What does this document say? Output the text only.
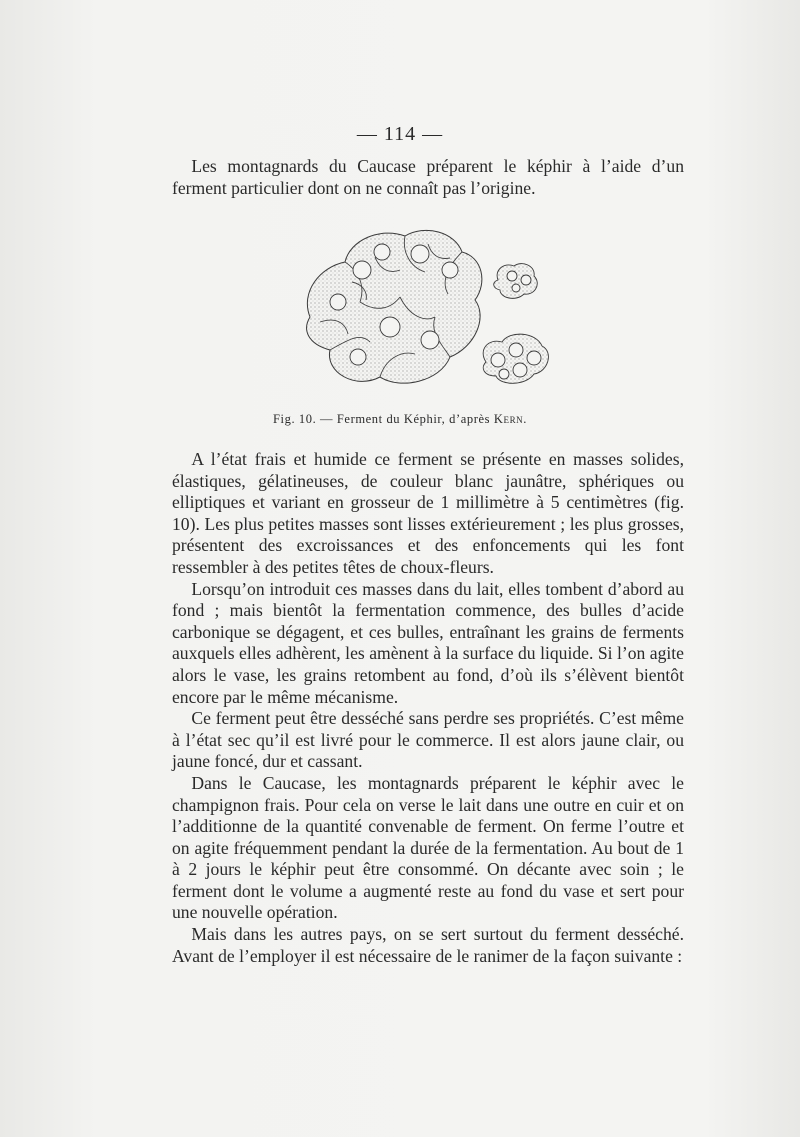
— 114 —

Les montagnards du Caucase préparent le képhir à l’aide d’un ferment particulier dont on ne connaît pas l’origine.

Fig. 10. — Ferment du Képhir, d’après Kern.

A l’état frais et humide ce ferment se présente en masses solides, élastiques, gélatineuses, de couleur blanc jaunâtre, sphériques ou elliptiques et variant en grosseur de 1 millimètre à 5 centimètres (fig. 10). Les plus petites masses sont lisses extérieurement ; les plus grosses, présentent des excroissances et des enfoncements qui les font ressembler à des petites têtes de choux-fleurs.

Lorsqu’on introduit ces masses dans du lait, elles tombent d’abord au fond ; mais bientôt la fermentation commence, des bulles d’acide carbonique se dégagent, et ces bulles, entraînant les grains de ferments auxquels elles adhèrent, les amènent à la surface du liquide. Si l’on agite alors le vase, les grains retombent au fond, d’où ils s’élèvent bientôt encore par le même mécanisme.

Ce ferment peut être desséché sans perdre ses propriétés. C’est même à l’état sec qu’il est livré pour le commerce. Il est alors jaune clair, ou jaune foncé, dur et cassant.

Dans le Caucase, les montagnards préparent le képhir avec le champignon frais. Pour cela on verse le lait dans une outre en cuir et on l’additionne de la quantité convenable de ferment. On ferme l’outre et on agite fréquemment pendant la durée de la fermentation. Au bout de 1 à 2 jours le képhir peut être consommé. On décante avec soin ; le ferment dont le volume a augmenté reste au fond du vase et sert pour une nouvelle opération.

Mais dans les autres pays, on se sert surtout du ferment desséché. Avant de l’employer il est nécessaire de le ranimer de la façon suivante :
